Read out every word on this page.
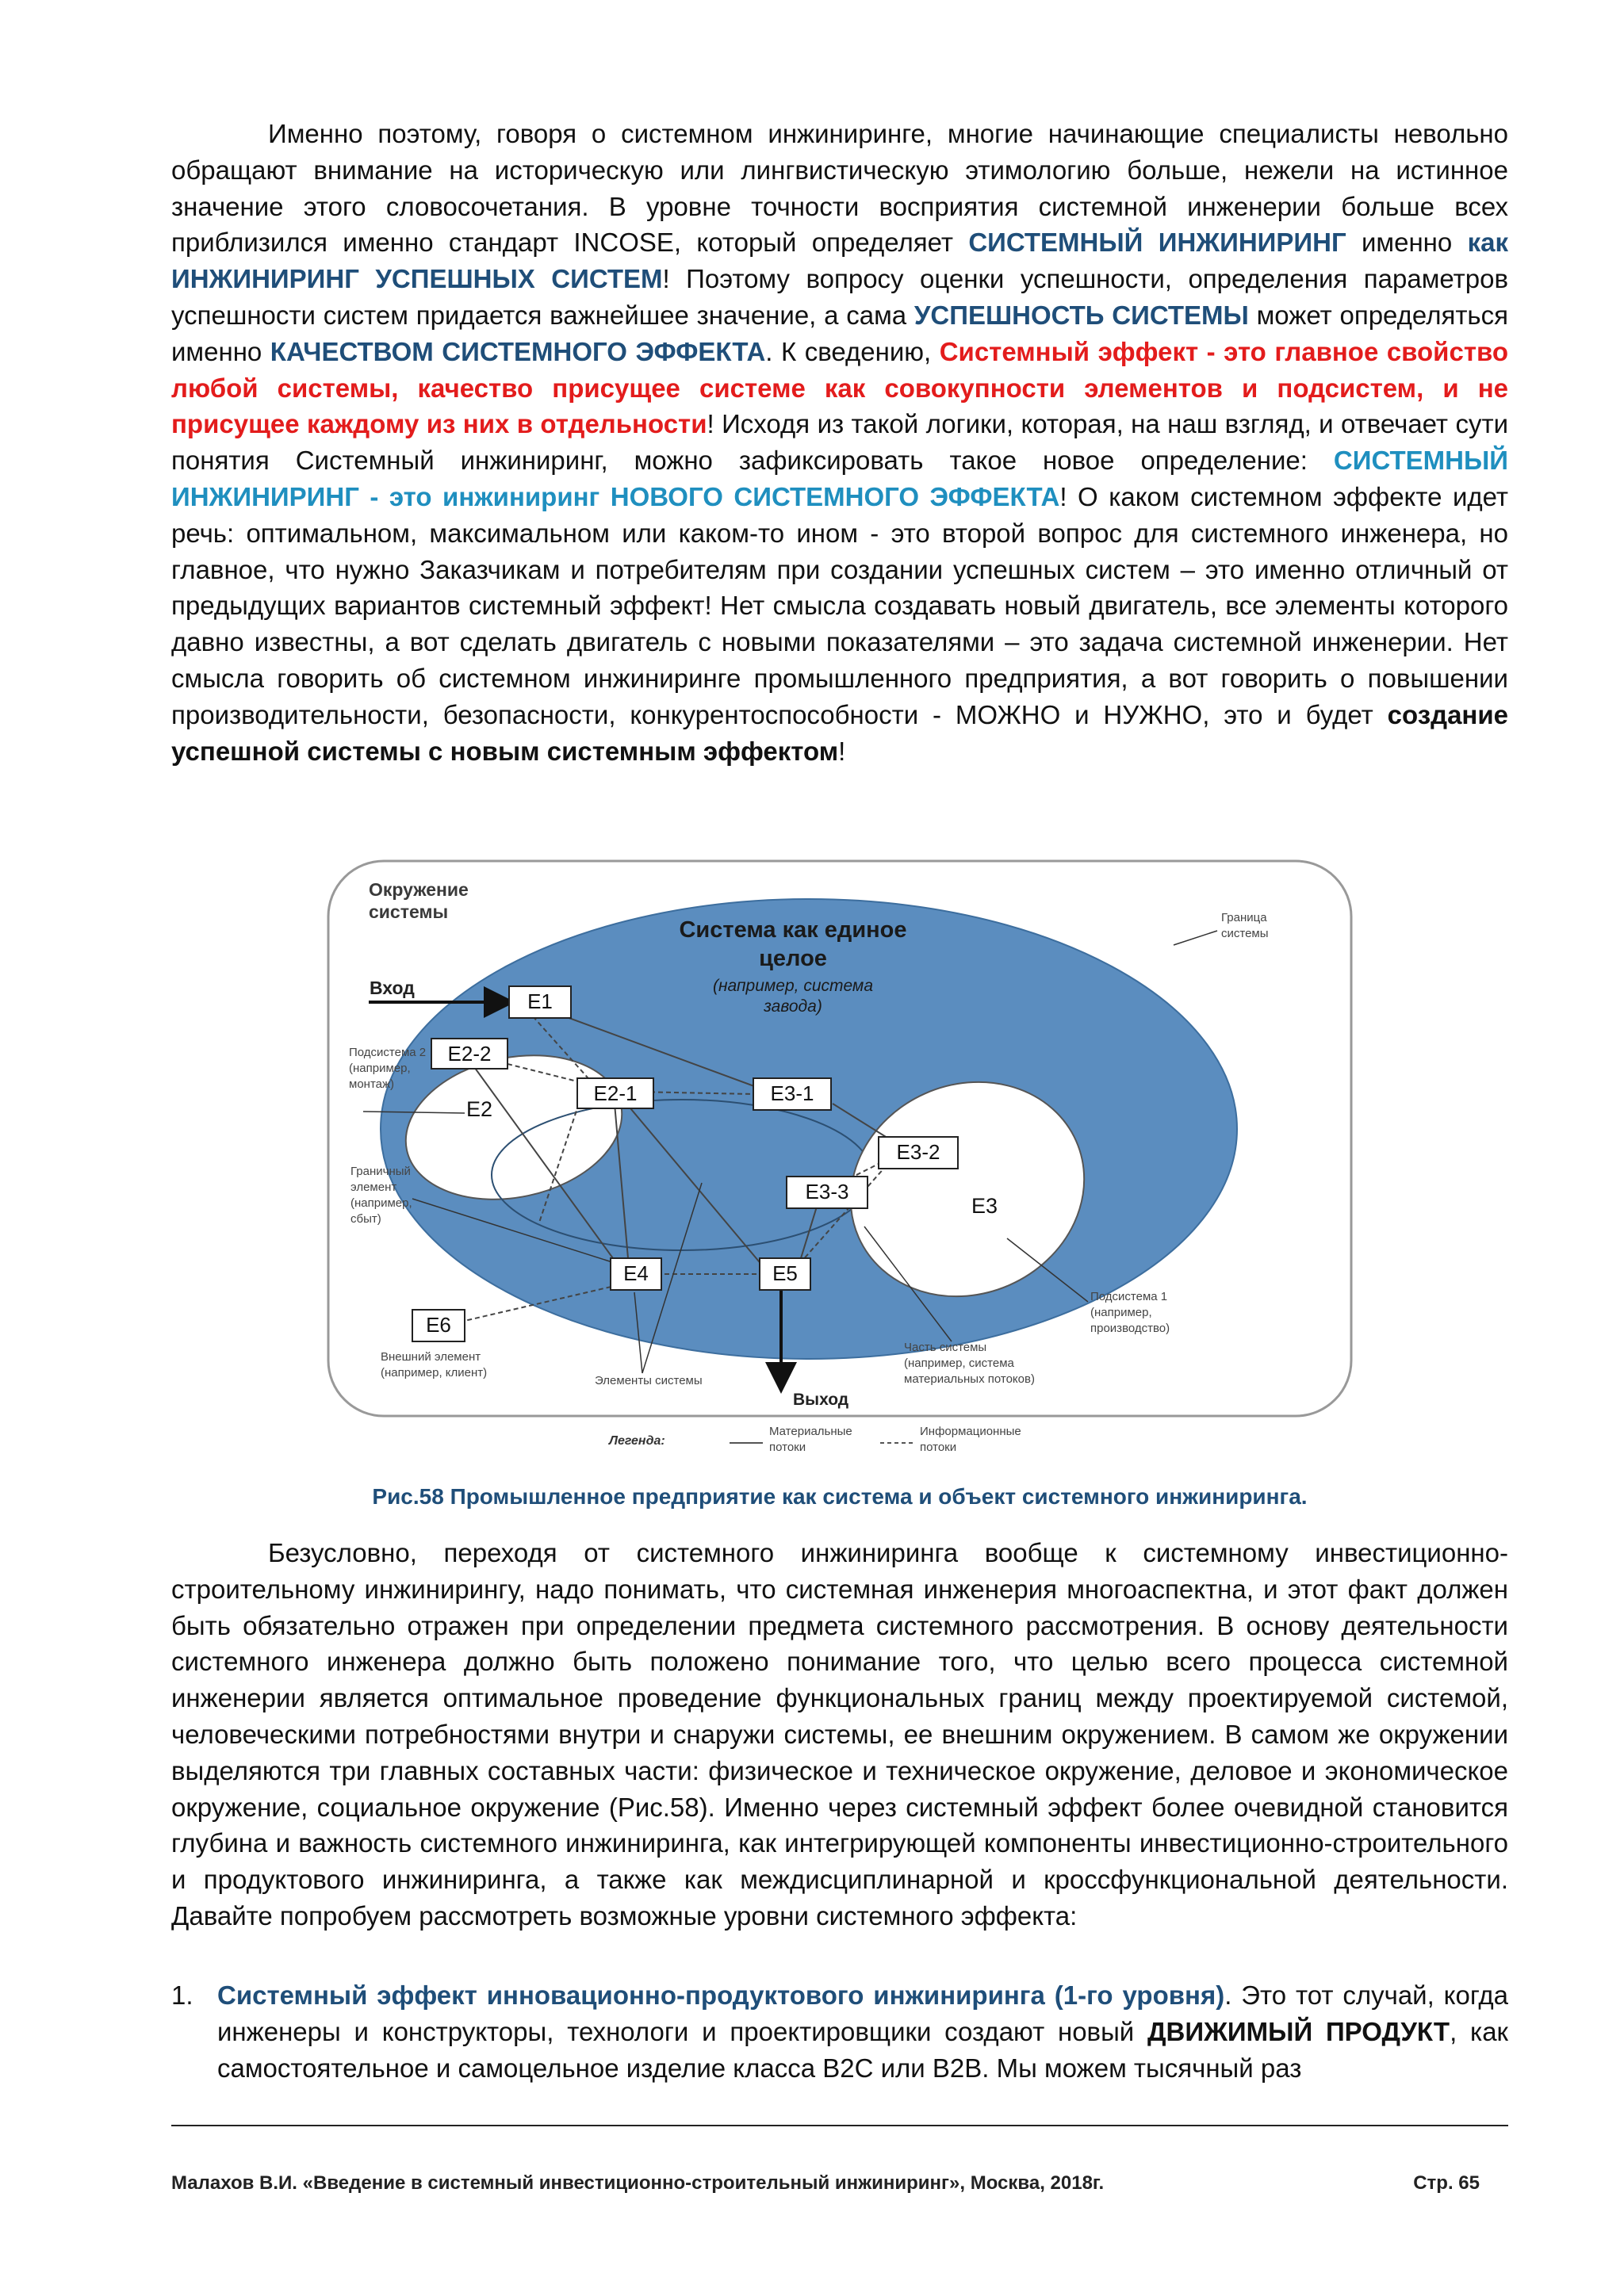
Именно поэтому, говоря о системном инжиниринге, многие начинающие специалисты невольно обращают внимание на историческую или лингвистическую этимологию больше, нежели на истинное значение этого словосочетания. В уровне точности восприятия системной инженерии больше всех приблизился именно стандарт INCOSE, который определяет СИСТЕМНЫЙ ИНЖИНИРИНГ именно как ИНЖИНИРИНГ УСПЕШНЫХ СИСТЕМ! Поэтому вопросу оценки успешности, определения параметров успешности систем придается важнейшее значение, а сама УСПЕШНОСТЬ СИСТЕМЫ может определяться именно КАЧЕСТВОМ СИСТЕМНОГО ЭФФЕКТА. К сведению, Системный эффект - это главное свойство любой системы, качество присущее системе как совокупности элементов и подсистем, и не присущее каждому из них в отдельности! Исходя из такой логики, которая, на наш взгляд, и отвечает сути понятия Системный инжиниринг, можно зафиксировать такое новое определение: СИСТЕМНЫЙ ИНЖИНИРИНГ - это инжиниринг НОВОГО СИСТЕМНОГО ЭФФЕКТА! О каком системном эффекте идет речь: оптимальном, максимальном или каком-то ином - это второй вопрос для системного инженера, но главное, что нужно Заказчикам и потребителям при создании успешных систем – это именно отличный от предыдущих вариантов системный эффект! Нет смысла создавать новый двигатель, все элементы которого давно известны, а вот сделать двигатель с новыми показателями – это задача системной инженерии. Нет смысла говорить об системном инжиниринге промышленного предприятия, а вот говорить о повышении производительности, безопасности, конкурентоспособности - МОЖНО и НУЖНО, это и будет создание успешной системы с новым системным эффектом!

Окружение
системы
Система как единое
целое
(например, система
завода)
Граница
системы
Вход
Подсистема 2
(например,
монтаж)
Граничный
элемент
(например,
сбыт)
Выход
E1
E2-2
E2
E2-1	E3-1
E3-2
E3
E3-3
E4	E5
E6
Внешний элемент
(например, клиент)
Элементы системы
Подсистема 1
(например,
производство)
Часть системы
(например, система
материальных потоков)
Легенда:
Материальные
потоки
Информационные
потоки
Рис.58 Промышленное предприятие как система и объект системного инжиниринга.

Безусловно, переходя от системного инжиниринга вообще к системному инвестиционно-строительному инжинирингу, надо понимать, что системная инженерия многоаспектна, и этот факт должен быть обязательно отражен при определении предмета системного рассмотрения. В основу деятельности системного инженера должно быть положено понимание того, что целью всего процесса системной инженерии является оптимальное проведение функциональных границ между проектируемой системой, человеческими потребностями внутри и снаружи системы, ее внешним окружением. В самом же окружении выделяются три главных составных части: физическое и техническое окружение, деловое и экономическое окружение, социальное окружение (Рис.58). Именно через системный эффект более очевидной становится глубина и важность системного инжиниринга, как интегрирующей компоненты инвестиционно-строительного и продуктового инжиниринга, а также как междисциплинарной и кроссфункциональной деятельности. Давайте попробуем рассмотреть возможные уровни системного эффекта:

1. Системный эффект инновационно-продуктового инжиниринга (1-го уровня). Это тот случай, когда инженеры и конструкторы, технологи и проектировщики создают новый ДВИЖИМЫЙ ПРОДУКТ, как самостоятельное и самоцельное изделие класса B2C или B2B. Мы можем тысячный раз
Малахов В.И. «Введение в системный инвестиционно-строительный инжиниринг», Москва, 2018г.	Стр. 65
